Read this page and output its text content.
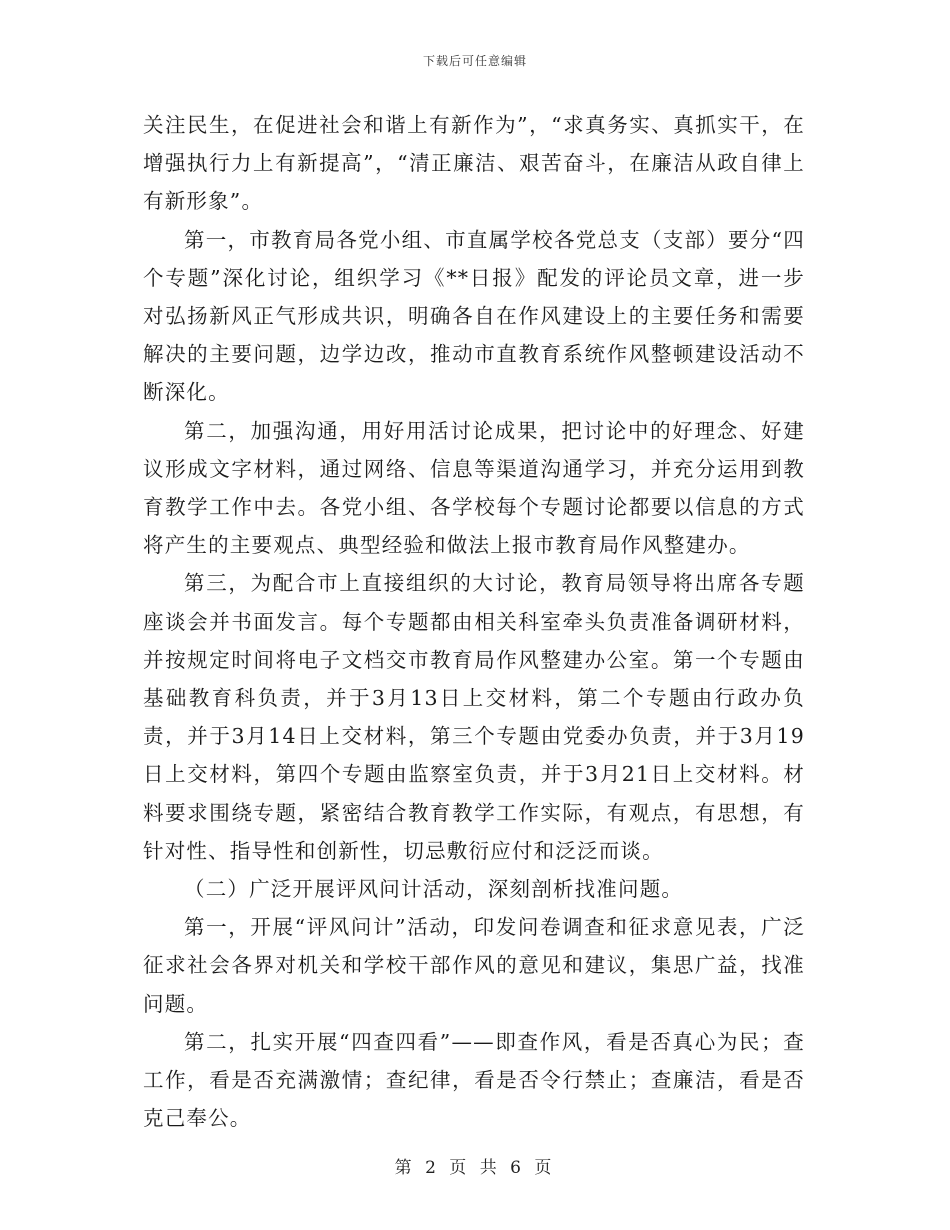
下载后可任意编辑

关注民生，在促进社会和谐上有新作为”，“求真务实、真抓实干，在增强执行力上有新提高”，“清正廉洁、艰苦奋斗，在廉洁从政自律上有新形象”。

第一，市教育局各党小组、市直属学校各党总支（支部）要分“四个专题”深化讨论，组织学习《**日报》配发的评论员文章，进一步对弘扬新风正气形成共识，明确各自在作风建设上的主要任务和需要解决的主要问题，边学边改，推动市直教育系统作风整顿建设活动不断深化。

第二，加强沟通，用好用活讨论成果，把讨论中的好理念、好建议形成文字材料，通过网络、信息等渠道沟通学习，并充分运用到教育教学工作中去。各党小组、各学校每个专题讨论都要以信息的方式将产生的主要观点、典型经验和做法上报市教育局作风整建办。

第三，为配合市上直接组织的大讨论，教育局领导将出席各专题座谈会并书面发言。每个专题都由相关科室牵头负责准备调研材料，并按规定时间将电子文档交市教育局作风整建办公室。第一个专题由基础教育科负责，并于3月13日上交材料，第二个专题由行政办负责，并于3月14日上交材料，第三个专题由党委办负责，并于3月19日上交材料，第四个专题由监察室负责，并于3月21日上交材料。材料要求围绕专题，紧密结合教育教学工作实际，有观点，有思想，有针对性、指导性和创新性，切忌敷衍应付和泛泛而谈。

（二）广泛开展评风问计活动，深刻剖析找准问题。

第一，开展“评风问计”活动，印发问卷调查和征求意见表，广泛征求社会各界对机关和学校干部作风的意见和建议，集思广益，找准问题。

第二，扎实开展“四查四看”——即查作风，看是否真心为民；查工作，看是否充满激情；查纪律，看是否令行禁止；查廉洁，看是否克己奉公。

第 2 页 共 6 页
